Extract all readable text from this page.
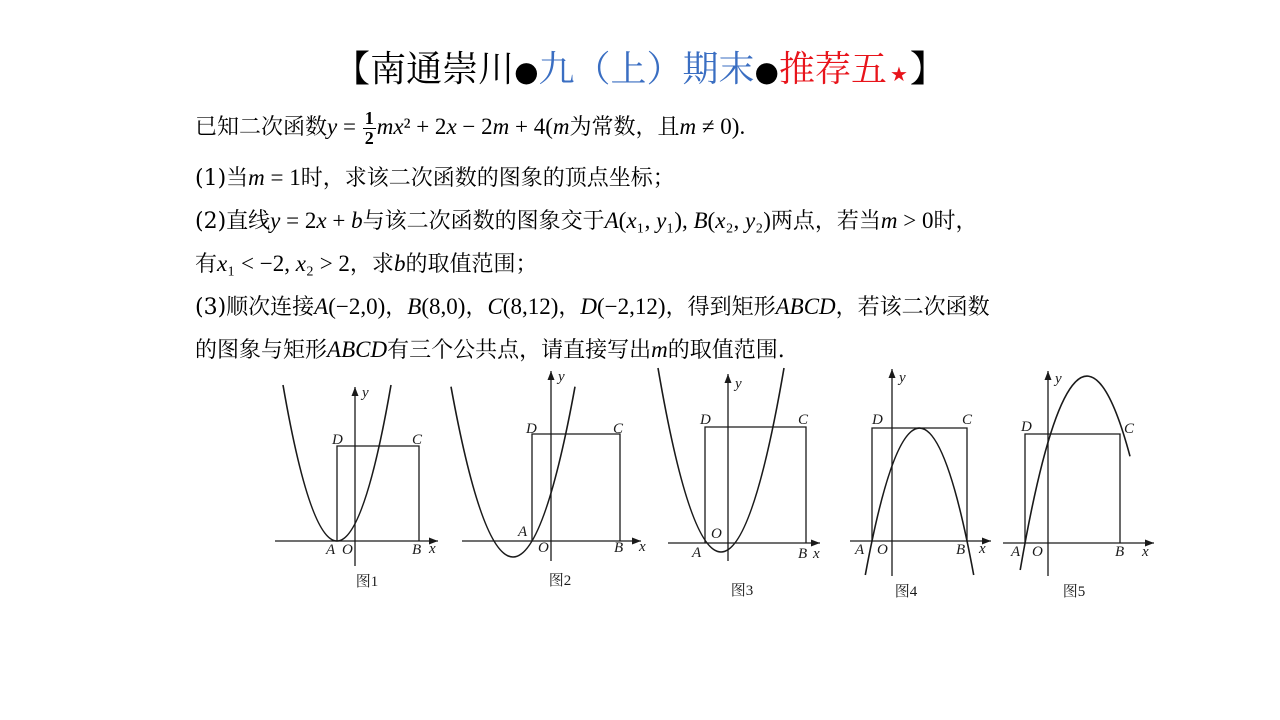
【 南通崇川 ● 九（上）期末 ● 推荐五 ★ 】
已知二次函数$y = \frac{1}{2} mx^2 + 2x - 2m + 4(m$为常数，且m ≠ 0).
(1)当m = 1时，求该二次函数的图象的顶点坐标；
(2)直线y = 2x + b与该二次函数的图象交于A(x₁, y₁), B(x₂, y₂)两点，若当m > 0时，
有x₁ < −2, x₂ > 2，求b的取值范围；
(3)顺次连接A(−2,0)，B(8,0)，C(8,12)，D(−2,12)，得到矩形ABCD，若该二次函数
的图象与矩形ABCD有三个公共点，请直接写出m的取值范围.
y
D	C
A O	B x
图1
y
D	C
A
O	B x
图2
y
D	C
A
O
B x
图3
y
D	C
A O	B x
图4
y
D	C
A O	B x
图5
